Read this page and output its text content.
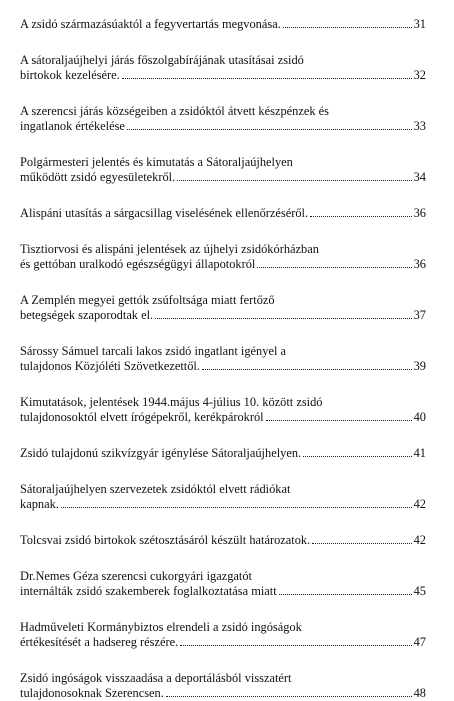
A zsidó származásúaktól a fegyvertartás megvonása.	31
A sátoraljaújhelyi járás főszolgabírájának utasításai zsidó
birtokok kezelésére.	32
A szerencsi járás községeiben a zsidóktól átvett készpénzek és
ingatlanok értékelése	33
Polgármesteri jelentés és kimutatás a Sátoraljaújhelyen
működött zsidó egyesületekről.	34
Alispáni utasítás a sárgacsillag viselésének ellenőrzéséről.	36
Tisztiorvosi és alispáni jelentések az újhelyi zsidókórházban
és gettóban uralkodó egészségügyi állapotokról	36
A Zemplén megyei gettók zsúfoltsága miatt fertőző
betegségek szaporodtak el.	37
Sárossy Sámuel tarcali lakos zsidó ingatlant igényel a
tulajdonos Közjóléti Szövetkezettől.	39
Kimutatások, jelentések 1944.május 4-július 10. között zsidó
tulajdonosoktól elvett írógépekről, kerékpárokról	40
Zsidó tulajdonú szikvízgyár igénylése Sátoraljaújhelyen.	41
Sátoraljaújhelyen szervezetek zsidóktól elvett rádiókat
kapnak.	42
Tolcsvai zsidó birtokok szétosztásáról készült határozatok.	42
Dr.Nemes Géza szerencsi cukorgyári igazgatót
internálták zsidó szakemberek foglalkoztatása miatt	45
Hadműveleti Kormánybiztos elrendeli a zsidó ingóságok
értékesítését a hadsereg részére.	47
Zsidó ingóságok visszaadása a deportálásból visszatért
tulajdonosoknak Szerencsen.	48
